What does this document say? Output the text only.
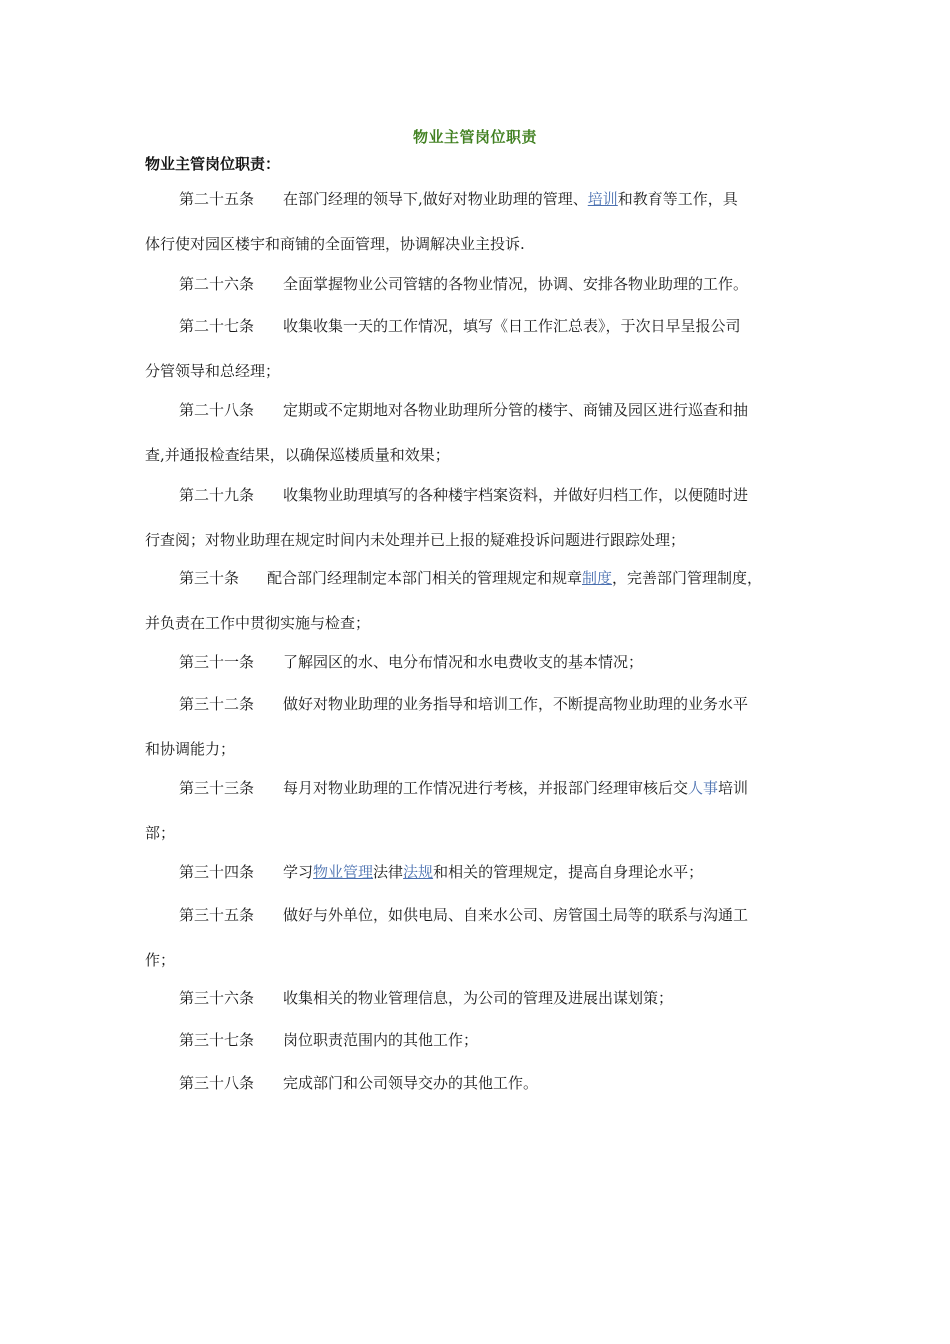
物业主管岗位职责
物业主管岗位职责：
第二十五条 在部门经理的领导下,做好对物业助理的管理、培训和教育等工作，具
体行使对园区楼宇和商铺的全面管理，协调解决业主投诉.
第二十六条 全面掌握物业公司管辖的各物业情况，协调、安排各物业助理的工作。
第二十七条 收集收集一天的工作情况，填写《日工作汇总表》，于次日早呈报公司
分管领导和总经理；
第二十八条 定期或不定期地对各物业助理所分管的楼宇、商铺及园区进行巡查和抽
查,并通报检查结果，以确保巡楼质量和效果；
第二十九条 收集物业助理填写的各种楼宇档案资料，并做好归档工作，以便随时进
行查阅；对物业助理在规定时间内未处理并已上报的疑难投诉问题进行跟踪处理；
第三十条 配合部门经理制定本部门相关的管理规定和规章制度，完善部门管理制度，
并负责在工作中贯彻实施与检查；
第三十一条 了解园区的水、电分布情况和水电费收支的基本情况；
第三十二条 做好对物业助理的业务指导和培训工作，不断提高物业助理的业务水平
和协调能力；
第三十三条 每月对物业助理的工作情况进行考核，并报部门经理审核后交人事培训
部；
第三十四条 学习物业管理法律法规和相关的管理规定，提高自身理论水平；
第三十五条 做好与外单位，如供电局、自来水公司、房管国土局等的联系与沟通工
作；
第三十六条 收集相关的物业管理信息，为公司的管理及进展出谋划策；
第三十七条 岗位职责范围内的其他工作；
第三十八条 完成部门和公司领导交办的其他工作。
